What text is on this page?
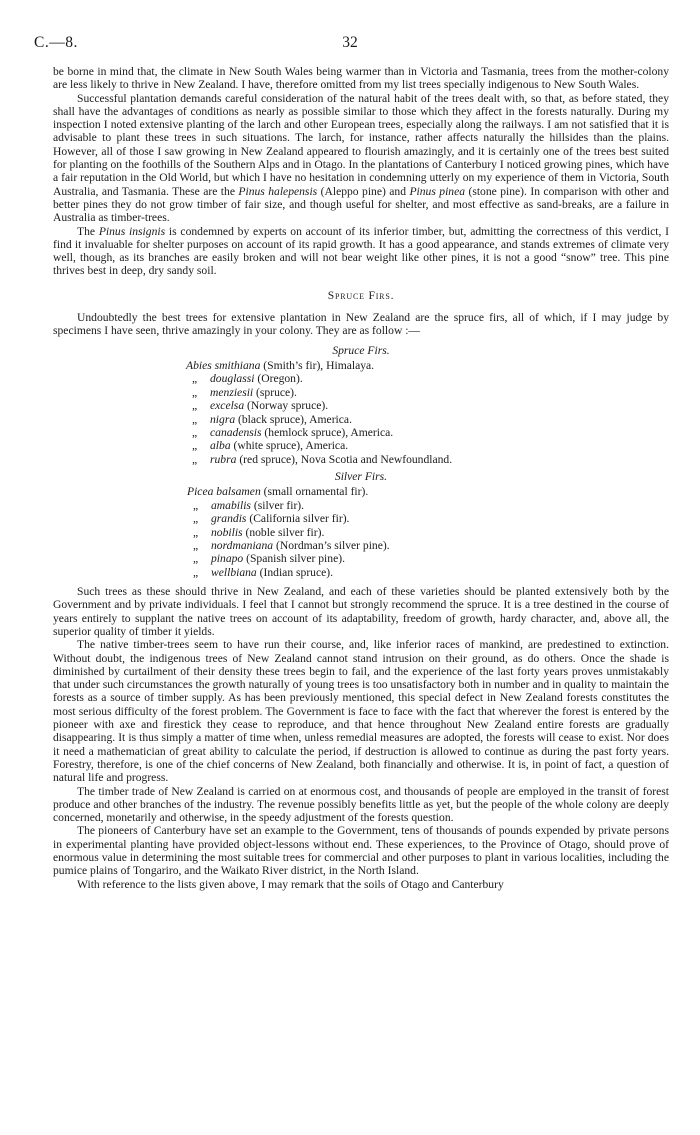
C.—8.	32

be borne in mind that, the climate in New South Wales being warmer than in Victoria and Tasmania, trees from the mother-colony are less likely to thrive in New Zealand. I have, therefore omitted from my list trees specially indigenous to New South Wales.

Successful plantation demands careful consideration of the natural habit of the trees dealt with, so that, as before stated, they shall have the advantages of conditions as nearly as possible similar to those which they affect in the forests naturally. During my inspection I noted extensive planting of the larch and other European trees, especially along the railways. I am not satisfied that it is advisable to plant these trees in such situations. The larch, for instance, rather affects naturally the hillsides than the plains. However, all of those I saw growing in New Zealand appeared to flourish amazingly, and it is certainly one of the trees best suited for planting on the foothills of the Southern Alps and in Otago. In the plantations of Canterbury I noticed growing pines, which have a fair reputation in the Old World, but which I have no hesitation in condemning utterly on my experience of them in Victoria, South Australia, and Tasmania. These are the Pinus halepensis (Aleppo pine) and Pinus pinea (stone pine). In comparison with other and better pines they do not grow timber of fair size, and though useful for shelter, and most effective as sand-breaks, are a failure in Australia as timber-trees.

The Pinus insignis is condemned by experts on account of its inferior timber, but, admitting the correctness of this verdict, I find it invaluable for shelter purposes on account of its rapid growth. It has a good appearance, and stands extremes of climate very well, though, as its branches are easily broken and will not bear weight like other pines, it is not a good “snow” tree. This pine thrives best in deep, dry sandy soil.

Spruce Firs.

Undoubtedly the best trees for extensive plantation in New Zealand are the spruce firs, all of which, if I may judge by specimens I have seen, thrive amazingly in your colony. They are as follow :—

Spruce Firs.
Abies smithiana (Smith’s fir), Himalaya.
„ douglassi (Oregon).
„ menziesii (spruce).
„ excelsa (Norway spruce).
„ nigra (black spruce), America.
„ canadensis (hemlock spruce), America.
„ alba (white spruce), America.
„ rubra (red spruce), Nova Scotia and Newfoundland.
Silver Firs.
Picea balsamen (small ornamental fir).
„ amabilis (silver fir).
„ grandis (California silver fir).
„ nobilis (noble silver fir).
„ nordmaniana (Nordman’s silver pine).
„ pinapo (Spanish silver pine).
„ wellbiana (Indian spruce).

Such trees as these should thrive in New Zealand, and each of these varieties should be planted extensively both by the Government and by private individuals. I feel that I cannot but strongly recommend the spruce. It is a tree destined in the course of years entirely to supplant the native trees on account of its adaptability, freedom of growth, hardy character, and, above all, the superior quality of timber it yields.

The native timber-trees seem to have run their course, and, like inferior races of mankind, are predestined to extinction. Without doubt, the indigenous trees of New Zealand cannot stand intrusion on their ground, as do others. Once the shade is diminished by curtailment of their density these trees begin to fail, and the experience of the last forty years proves unmistakably that under such circumstances the growth naturally of young trees is too unsatisfactory both in number and in quality to maintain the forests as a source of timber supply. As has been previously mentioned, this special defect in New Zealand forests constitutes the most serious difficulty of the forest problem. The Government is face to face with the fact that wherever the forest is entered by the pioneer with axe and firestick they cease to reproduce, and that hence throughout New Zealand entire forests are gradually disappearing. It is thus simply a matter of time when, unless remedial measures are adopted, the forests will cease to exist. Nor does it need a mathematician of great ability to calculate the period, if destruction is allowed to continue as during the past forty years. Forestry, therefore, is one of the chief concerns of New Zealand, both financially and otherwise. It is, in point of fact, a question of natural life and progress.

The timber trade of New Zealand is carried on at enormous cost, and thousands of people are employed in the transit of forest produce and other branches of the industry. The revenue possibly benefits little as yet, but the people of the whole colony are deeply concerned, monetarily and otherwise, in the speedy adjustment of the forests question.

The pioneers of Canterbury have set an example to the Government, tens of thousands of pounds expended by private persons in experimental planting have provided object-lessons without end. These experiences, to the Province of Otago, should prove of enormous value in determining the most suitable trees for commercial and other purposes to plant in various localities, including the pumice plains of Tongariro, and the Waikato River district, in the North Island.

With reference to the lists given above, I may remark that the soils of Otago and Canterbury
